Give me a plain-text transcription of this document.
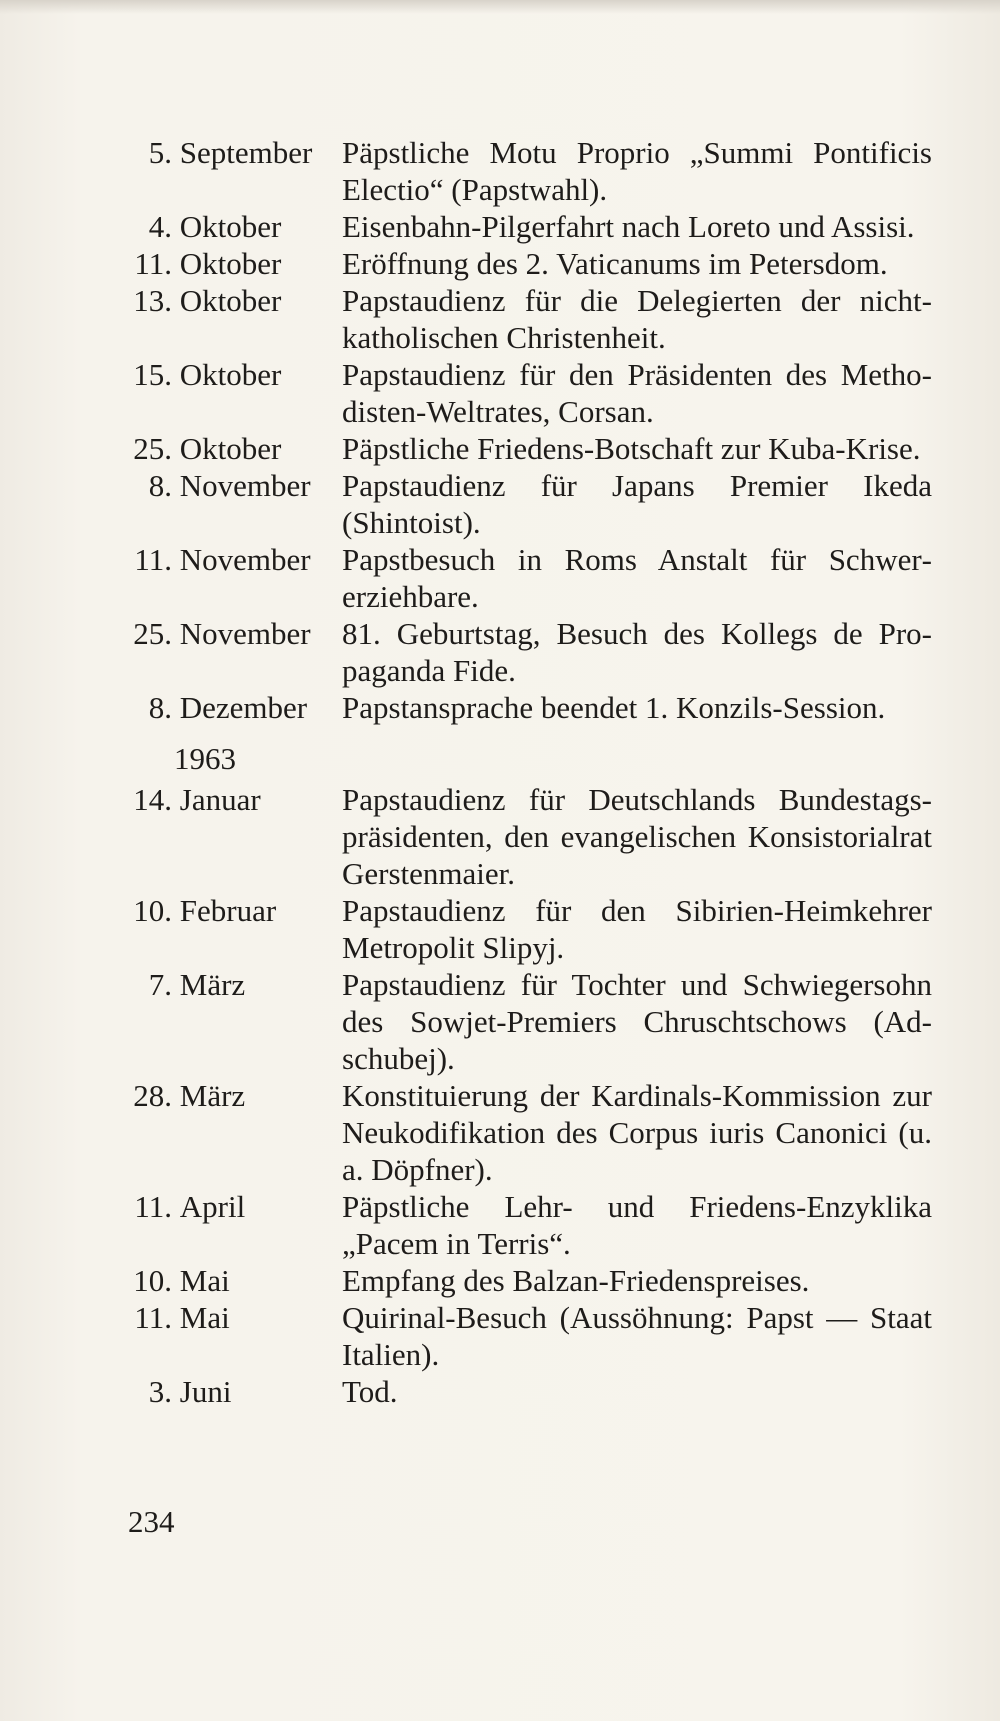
5. September Päpstliche Motu Proprio „Summi Pontificis Electio“ (Papstwahl).
4. Oktober	Eisenbahn-Pilgerfahrt nach Loreto und Assisi.
11. Oktober	Eröffnung des 2. Vaticanums im Petersdom.
13. Oktober	Papstaudienz für die Delegierten der nichtkatholischen Christenheit.
15. Oktober	Papstaudienz für den Präsidenten des Methodisten-Weltrates, Corsan.
25. Oktober	Päpstliche Friedens-Botschaft zur Kuba-Krise.
8. November	Papstaudienz für Japans Premier Ikeda (Shintoist).
11. November	Papstbesuch in Roms Anstalt für Schwererziehbare.
25. November	81. Geburtstag, Besuch des Kollegs de Propaganda Fide.
8. Dezember	Papstansprache beendet 1. Konzils-Session.
1963
14. Januar	Papstaudienz für Deutschlands Bundestagspräsidenten, den evangelischen Konsistorialrat Gerstenmaier.
10. Februar	Papstaudienz für den Sibirien-Heimkehrer Metropolit Slipyj.
7. März	Papstaudienz für Tochter und Schwiegersohn des Sowjet-Premiers Chruschtschows (Adschubej).
28. März	Konstituierung der Kardinals-Kommission zur Neukodifikation des Corpus iuris Canonici (u. a. Döpfner).
11. April	Päpstliche Lehr- und Friedens-Enzyklika „Pacem in Terris“.
10. Mai	Empfang des Balzan-Friedenspreises.
11. Mai	Quirinal-Besuch (Aussöhnung: Papst — Staat Italien).
3. Juni	Tod.
234
